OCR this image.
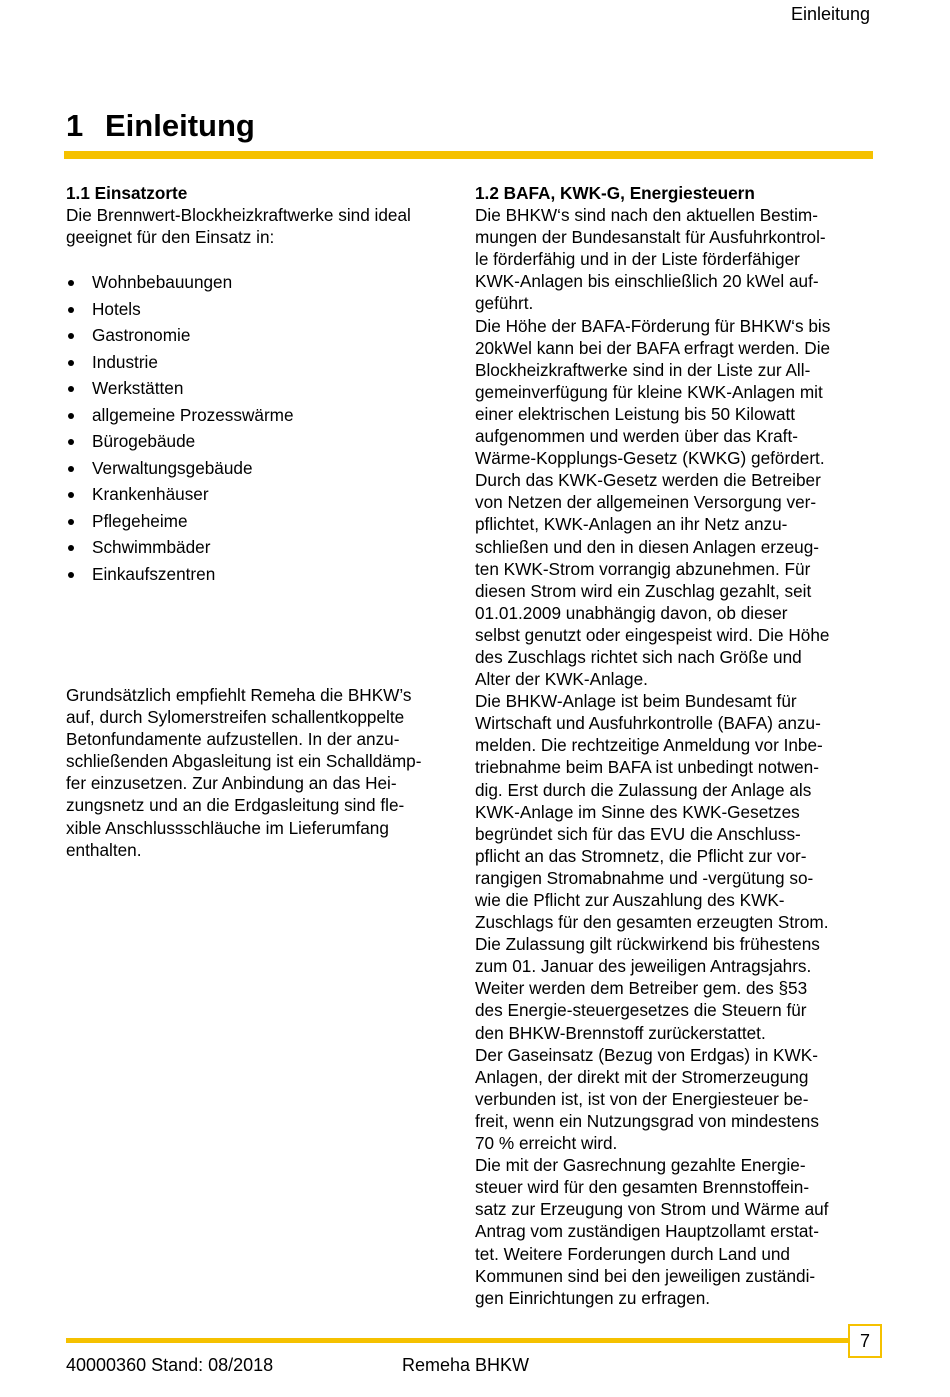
Einleitung
1 Einleitung
1.1 Einsatzorte
Die Brennwert-Blockheizkraftwerke sind ideal
geeignet für den Einsatz in:
Wohnbebauungen
Hotels
Gastronomie
Industrie
Werkstätten
allgemeine Prozesswärme
Bürogebäude
Verwaltungsgebäude
Krankenhäuser
Pflegeheime
Schwimmbäder
Einkaufszentren
Grundsätzlich empfiehlt Remeha die BHKW’s
auf, durch Sylomerstreifen schallentkoppelte
Betonfundamente aufzustellen. In der anzu-
schließenden Abgasleitung ist ein Schalldämp-
fer einzusetzen. Zur Anbindung an das Hei-
zungsnetz und an die Erdgasleitung sind fle-
xible Anschlussschläuche im Lieferumfang
enthalten.
1.2 BAFA, KWK-G, Energiesteuern
Die BHKW‘s sind nach den aktuellen Bestim-
mungen der Bundesanstalt für Ausfuhrkontrol-
le förderfähig und in der Liste förderfähiger
KWK-Anlagen bis einschließlich 20 kWel auf-
geführt.
Die Höhe der BAFA-Förderung für BHKW‘s bis
20kWel kann bei der BAFA erfragt werden. Die
Blockheizkraftwerke sind in der Liste zur All-
gemeinverfügung für kleine KWK-Anlagen mit
einer elektrischen Leistung bis 50 Kilowatt
aufgenommen und werden über das Kraft-
Wärme-Kopplungs-Gesetz (KWKG) gefördert.
Durch das KWK-Gesetz werden die Betreiber
von Netzen der allgemeinen Versorgung ver-
pflichtet, KWK-Anlagen an ihr Netz anzu-
schließen und den in diesen Anlagen erzeug-
ten KWK-Strom vorrangig abzunehmen. Für
diesen Strom wird ein Zuschlag gezahlt, seit
01.01.2009 unabhängig davon, ob dieser
selbst genutzt oder eingespeist wird. Die Höhe
des Zuschlags richtet sich nach Größe und
Alter der KWK-Anlage.
Die BHKW-Anlage ist beim Bundesamt für
Wirtschaft und Ausfuhrkontrolle (BAFA) anzu-
melden. Die rechtzeitige Anmeldung vor Inbe-
triebnahme beim BAFA ist unbedingt notwen-
dig. Erst durch die Zulassung der Anlage als
KWK-Anlage im Sinne des KWK-Gesetzes
begründet sich für das EVU die Anschluss-
pflicht an das Stromnetz, die Pflicht zur vor-
rangigen Stromabnahme und -vergütung so-
wie die Pflicht zur Auszahlung des KWK-
Zuschlags für den gesamten erzeugten Strom.
Die Zulassung gilt rückwirkend bis frühestens
zum 01. Januar des jeweiligen Antragsjahrs.
Weiter werden dem Betreiber gem. des §53
des Energie-steuergesetzes die Steuern für
den BHKW-Brennstoff zurückerstattet.
Der Gaseinsatz (Bezug von Erdgas) in KWK-
Anlagen, der direkt mit der Stromerzeugung
verbunden ist, ist von der Energiesteuer be-
freit, wenn ein Nutzungsgrad von mindestens
70 % erreicht wird.
Die mit der Gasrechnung gezahlte Energie-
steuer wird für den gesamten Brennstoffein-
satz zur Erzeugung von Strom und Wärme auf
Antrag vom zuständigen Hauptzollamt erstat-
tet. Weitere Forderungen durch Land und
Kommunen sind bei den jeweiligen zuständi-
gen Einrichtungen zu erfragen.
7
40000360 Stand: 08/2018	Remeha BHKW
